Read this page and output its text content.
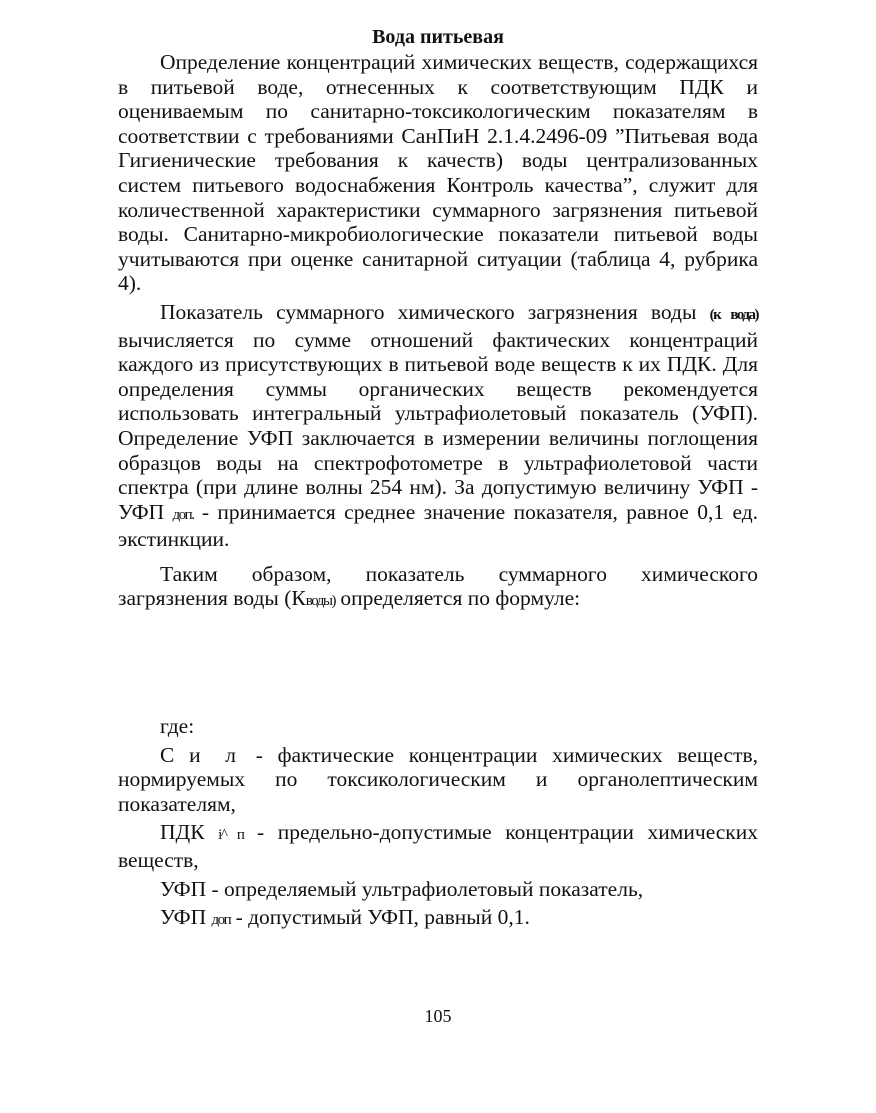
Вода питьевая

Определение концентраций химических веществ, содержащихся в питьевой воде, отнесенных к соответствующим ПДК и оцениваемым по санитарно-токсикологическим показателям в соответствии с требованиями СанПиН 2.1.4.2496-09 ”Питьевая вода Гигиенические требования к качеств) воды централизованных систем питьевого водоснабжения Контроль качества”, служит для количественной характеристики суммарного загрязнения питьевой воды. Санитарно-микробиологические показатели питьевой воды учитываются при оценке санитарной ситуации (таблица 4, рубрика 4).

Показатель суммарного химического загрязнения воды (к вода) вычисляется по сумме отношений фактических концентраций каждого из присутствующих в питьевой воде веществ к их ПДК. Для определения суммы органических веществ рекомендуется использовать интегральный ультрафиолетовый показатель (УФП). Определение УФП заключается в измерении величины поглощения образцов воды на спектрофотометре в ультрафиолетовой части спектра (при длине волны 254 нм). За допустимую величину УФП - УФП доп. - принимается среднее значение показателя, равное 0,1 ед. экстинкции.

Таким образом, показатель суммарного химического загрязнения воды (Кводы) определяется по формуле:

где:

С и л - фактические концентрации химических веществ, нормируемых по токсикологическим и органолептическим показателям,

ПДК i^ п - предельно-допустимые концентрации химических веществ,

УФП - определяемый ультрафиолетовый показатель,

УФП доп - допустимый УФП, равный 0,1.

105
